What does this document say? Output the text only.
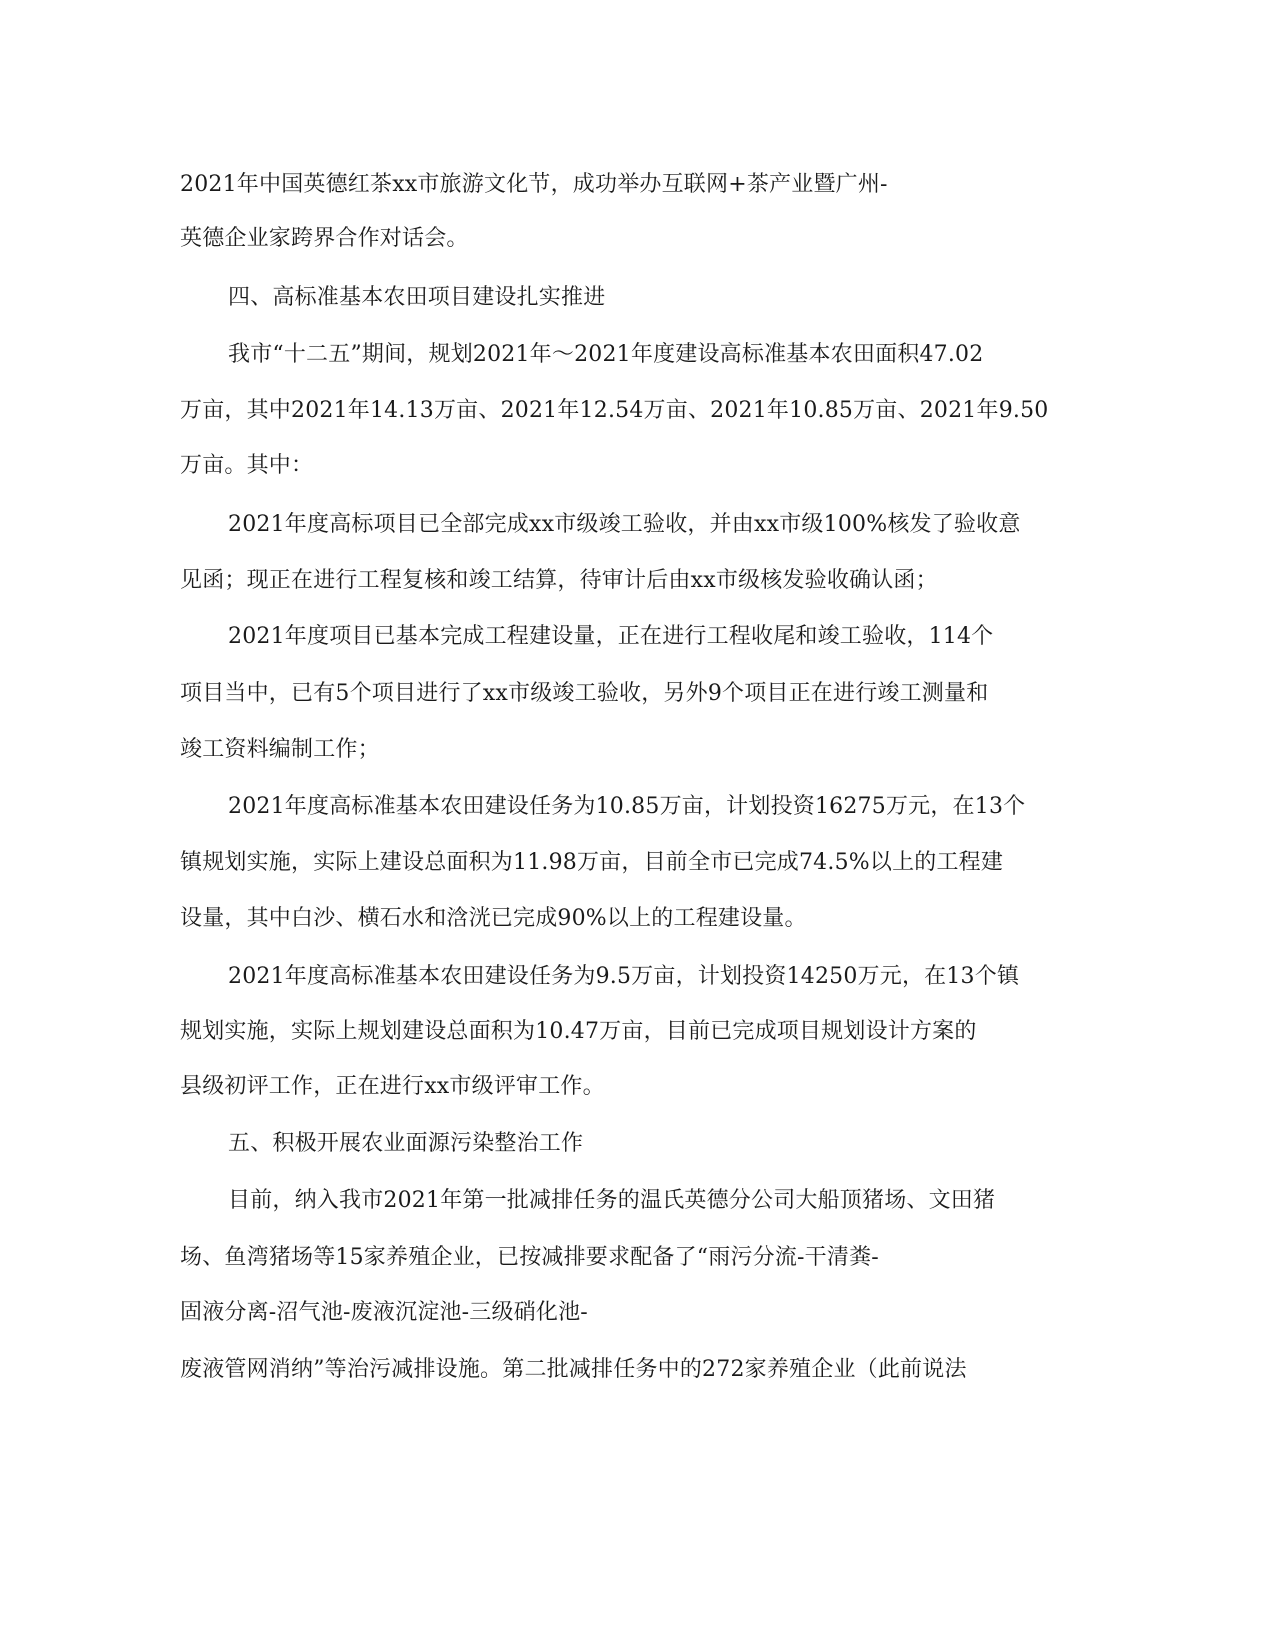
2021年中国英德红茶xx市旅游文化节，成功举办互联网+茶产业暨广州-
英德企业家跨界合作对话会。
四、高标准基本农田项目建设扎实推进
我市“十二五”期间，规划2021年～2021年度建设高标准基本农田面积47.02
万亩，其中2021年14.13万亩、2021年12.54万亩、2021年10.85万亩、2021年9.50
万亩。其中：
2021年度高标项目已全部完成xx市级竣工验收，并由xx市级100%核发了验收意
见函；现正在进行工程复核和竣工结算，待审计后由xx市级核发验收确认函；
2021年度项目已基本完成工程建设量，正在进行工程收尾和竣工验收，114个
项目当中，已有5个项目进行了xx市级竣工验收，另外9个项目正在进行竣工测量和
竣工资料编制工作；
2021年度高标准基本农田建设任务为10.85万亩，计划投资16275万元，在13个
镇规划实施，实际上建设总面积为11.98万亩，目前全市已完成74.5%以上的工程建
设量，其中白沙、横石水和浛洸已完成90%以上的工程建设量。
2021年度高标准基本农田建设任务为9.5万亩，计划投资14250万元，在13个镇
规划实施，实际上规划建设总面积为10.47万亩，目前已完成项目规划设计方案的
县级初评工作，正在进行xx市级评审工作。
五、积极开展农业面源污染整治工作
目前，纳入我市2021年第一批减排任务的温氏英德分公司大船顶猪场、文田猪
场、鱼湾猪场等15家养殖企业，已按减排要求配备了“雨污分流-干清粪-
固液分离-沼气池-废液沉淀池-三级硝化池-
废液管网消纳”等治污减排设施。第二批减排任务中的272家养殖企业（此前说法
